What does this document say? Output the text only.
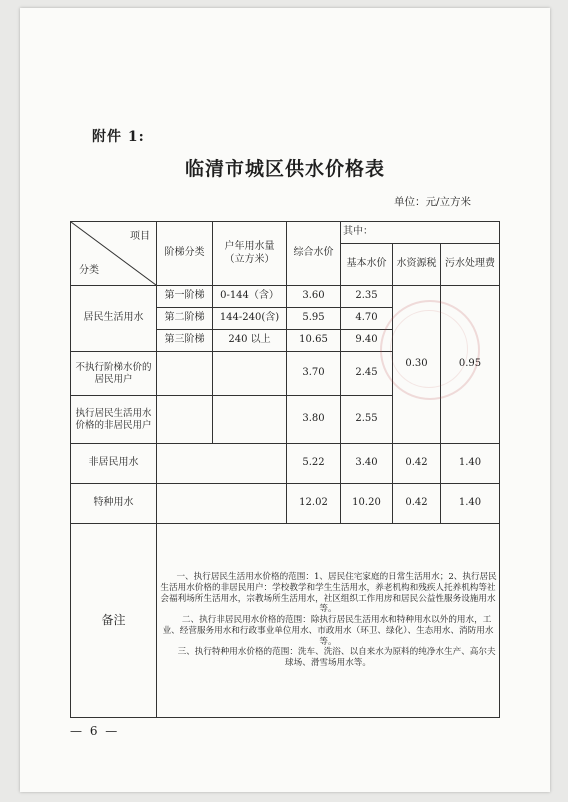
附件 1:
临清市城区供水价格表
单位：元/立方米
项目
分类	阶梯分类	户年用水量（立方米）	综合水价	其中：		
				基本水价	水资源税	污水处理费
居民生活用水	第一阶梯	0-144（含）	3.60	2.35	0.30	0.95
	第二阶梯	144-240(含)	5.95	4.70		
	第三阶梯	240 以上	10.65	9.40		
不执行阶梯水价的居民用户			3.70	2.45		
执行居民生活用水价格的非居民用户			3.80	2.55		
非居民用水			5.22	3.40	0.42	1.40
特种用水			12.02	10.20	0.42	1.40
备注	一、执行居民生活用水价格的范围：1、居民住宅家庭的日常生活用水；2、执行居民生活用水价格的非居民用户：学校教学和学生生活用水，养老机构和残疾人托养机构等社会福利场所生活用水，宗教场所生活用水，社区组织工作用房和居民公益性服务设施用水等。

二、执行非居民用水价格的范围：除执行居民生活用水和特种用水以外的用水，工业、经营服务用水和行政事业单位用水、市政用水（环卫、绿化）、生态用水、消防用水等。

三、执行特种用水价格的范围：洗车、洗浴、以自来水为原料的纯净水生产、高尔夫球场、滑雪场用水等。					

— 6 —
